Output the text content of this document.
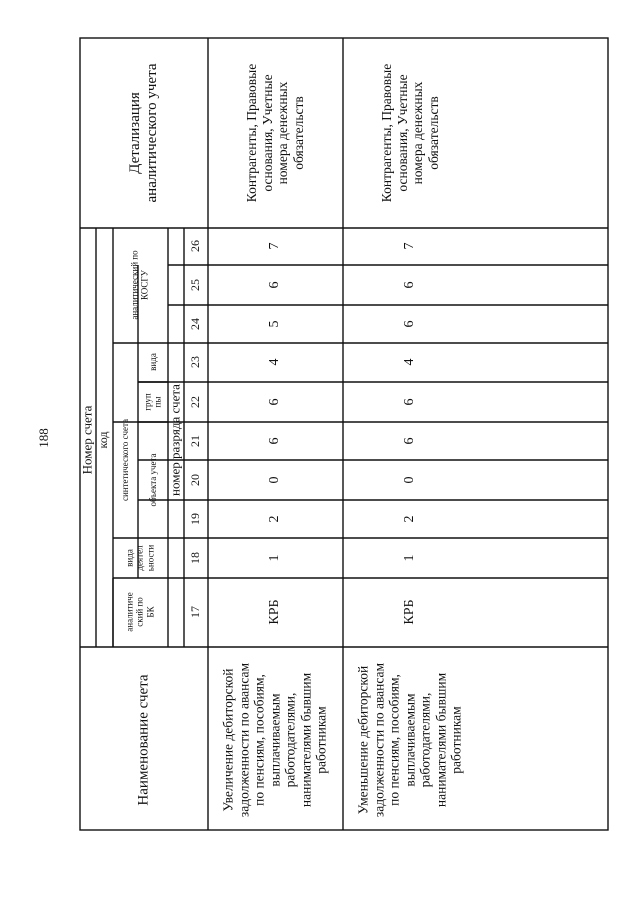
188
Наименование счета
Номер счета код
аналитиче ский по БК
вида деятел ьности
синтетического счета объекта учета
груп пы
вида
аналитический по КОСГУ
номер разряда счета
Детализация аналитического учета
17
18
19
20
21
22
23
24
25
26
Увеличение дебиторской задолженности по авансам по пенсиям, пособиям, выплачиваемым работодателями, нанимателями бывшим работникам
КРБ
1
2
0
6
6
4
5
6
7
Контрагенты, Правовые основания, Учетные номера денежных обязательств
Уменьшение дебиторской задолженности по авансам по пенсиям, пособиям, выплачиваемым работодателями, нанимателями бывшим работникам
КРБ
1
2
0
6
6
4
6
6
7
Контрагенты, Правовые основания, Учетные номера денежных обязательств
